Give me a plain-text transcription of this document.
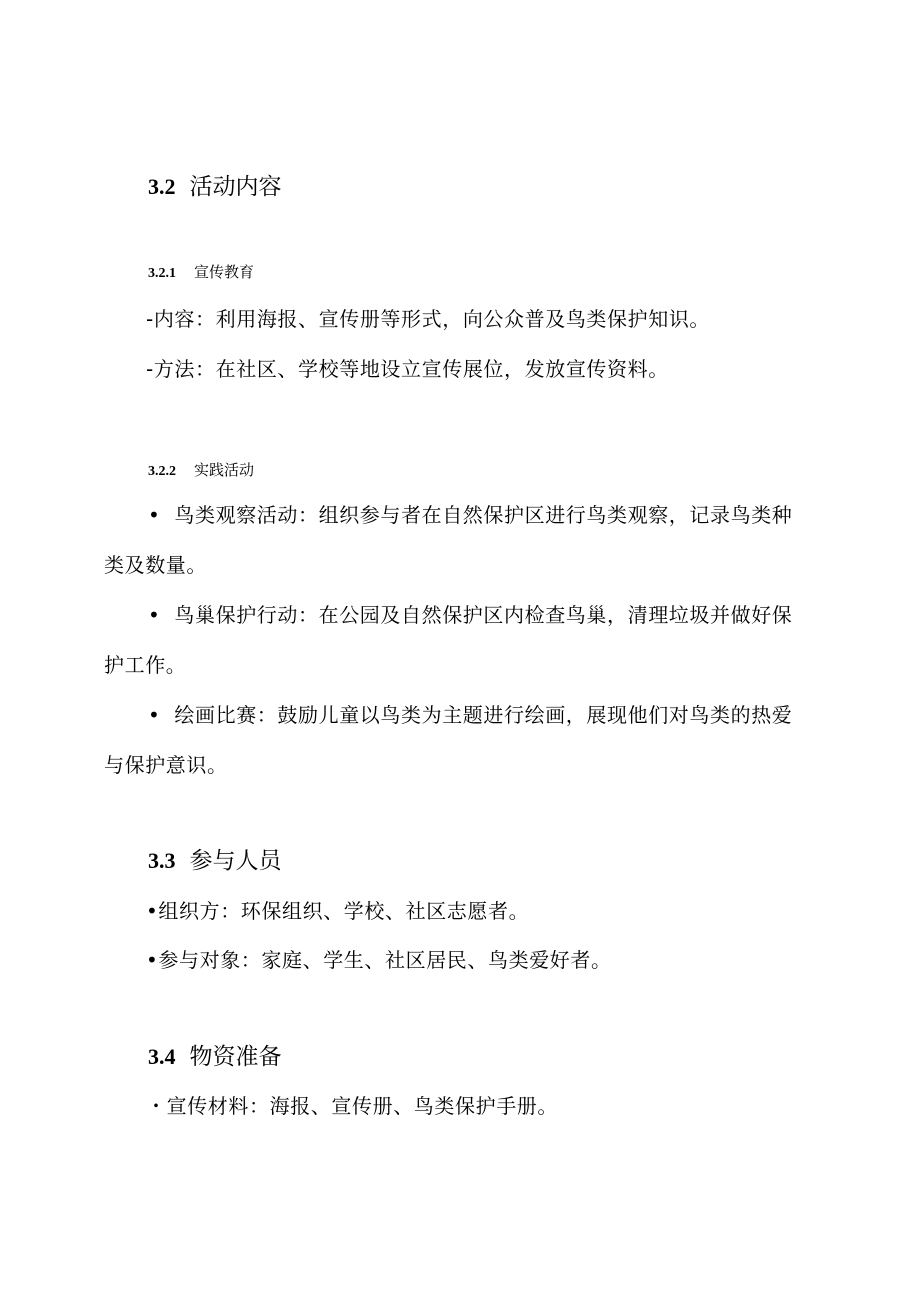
3.2 活动内容
3.2.1 宣传教育

-内容：利用海报、宣传册等形式，向公众普及鸟类保护知识。

-方法：在社区、学校等地设立宣传展位，发放宣传资料。

3.2.2 实践活动

• 鸟类观察活动：组织参与者在自然保护区进行鸟类观察，记录鸟类种类及数量。

• 鸟巢保护行动：在公园及自然保护区内检查鸟巢，清理垃圾并做好保护工作。

• 绘画比赛：鼓励儿童以鸟类为主题进行绘画，展现他们对鸟类的热爱与保护意识。

3.3 参与人员

•组织方：环保组织、学校、社区志愿者。

•参与对象：家庭、学生、社区居民、鸟类爱好者。

3.4 物资准备

・宣传材料：海报、宣传册、鸟类保护手册。
